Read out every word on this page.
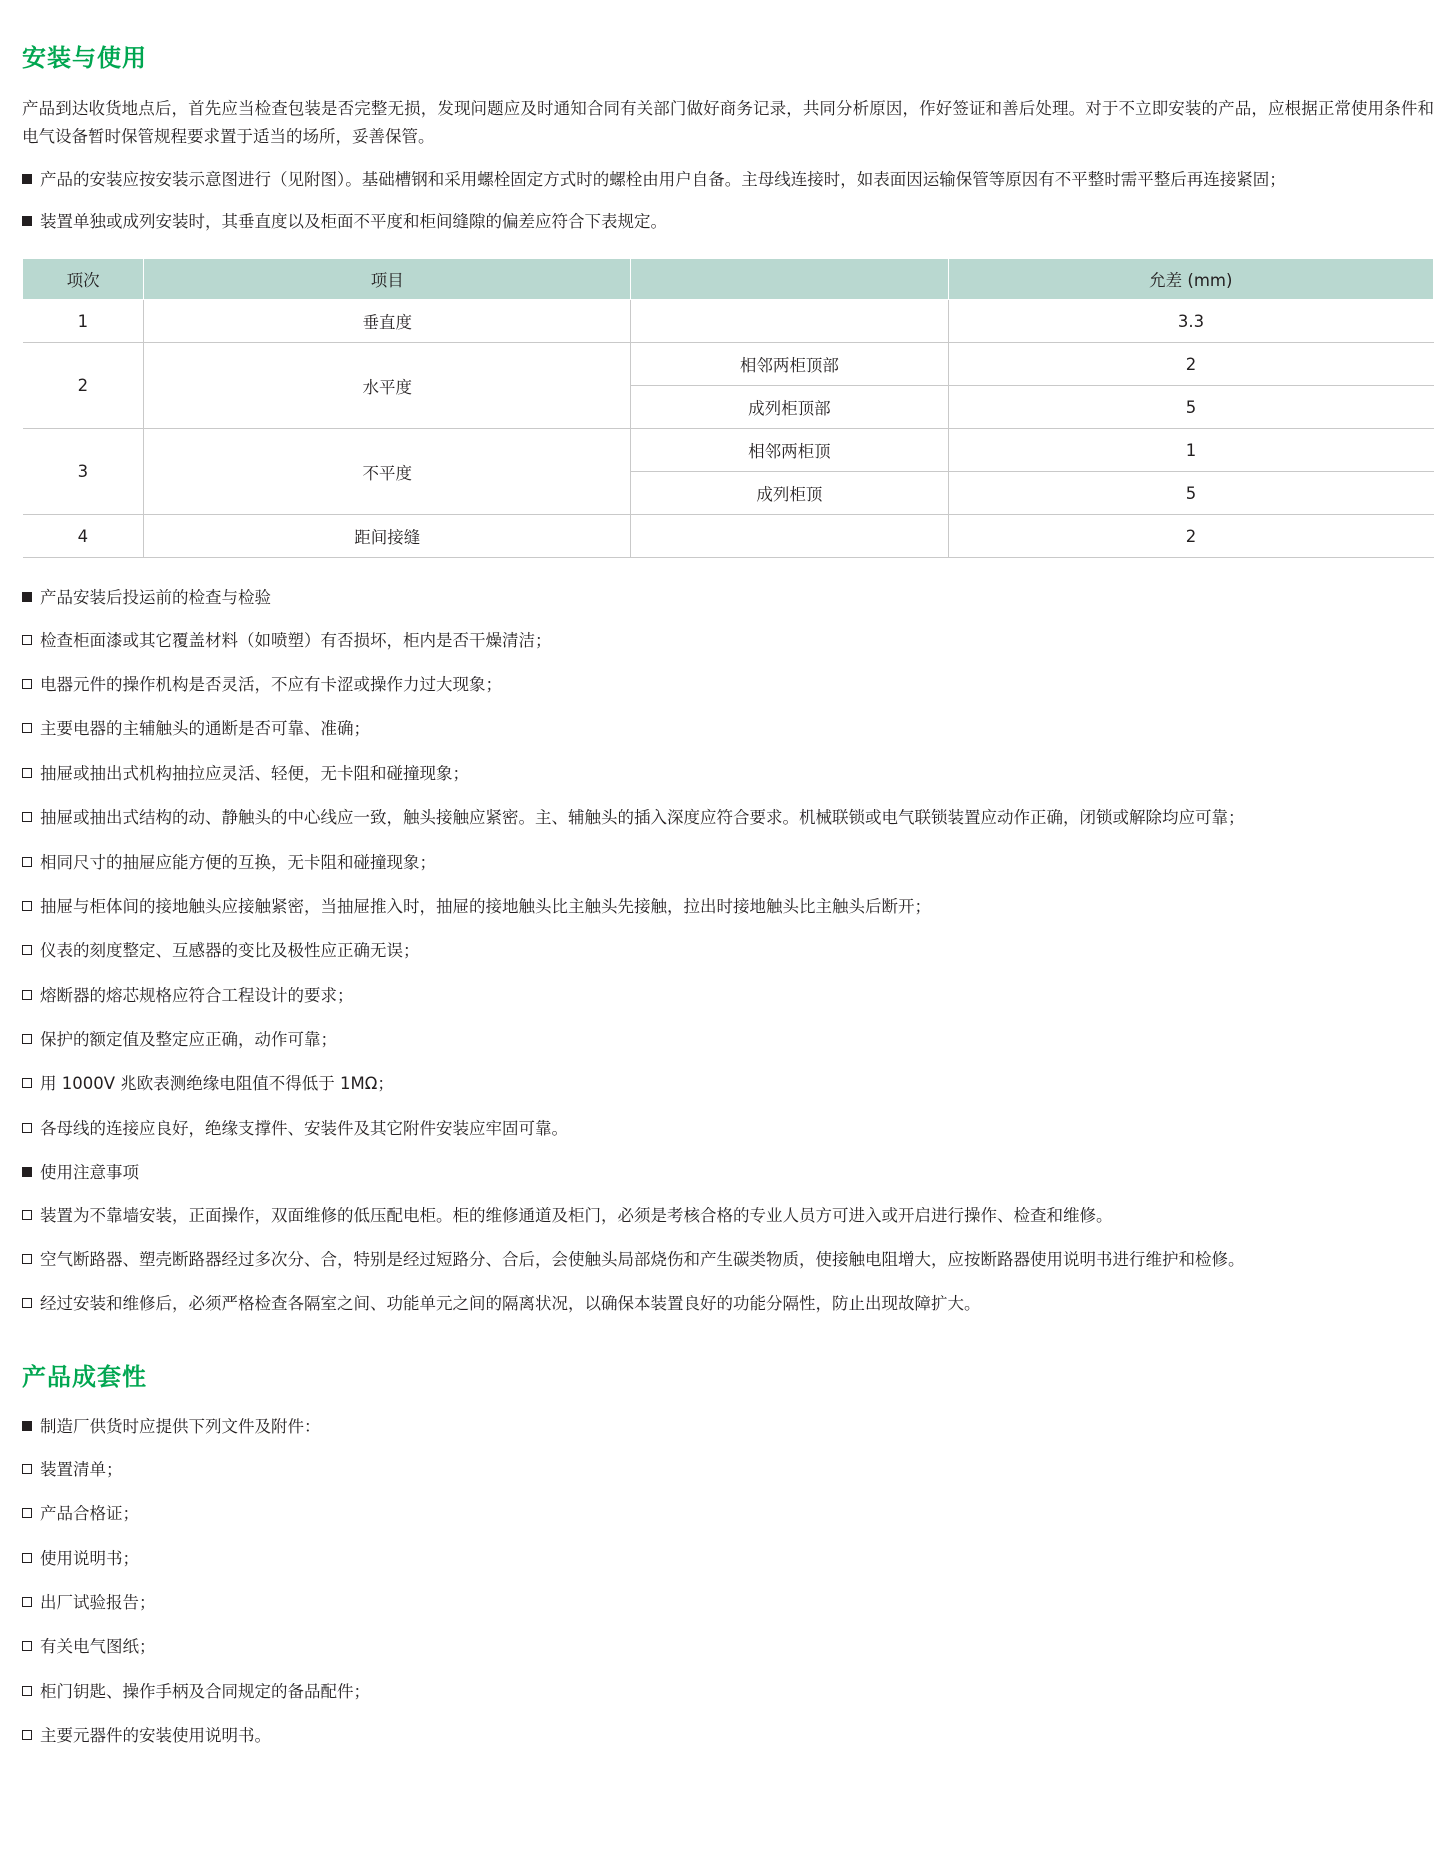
安装与使用

产品到达收货地点后，首先应当检查包装是否完整无损，发现问题应及时通知合同有关部门做好商务记录，共同分析原因，作好签证和善后处理。对于不立即安装的产品，应根据正常使用条件和电气设备暂时保管规程要求置于适当的场所，妥善保管。

产品的安装应按安装示意图进行（见附图）。基础槽钢和采用螺栓固定方式时的螺栓由用户自备。主母线连接时，如表面因运输保管等原因有不平整时需平整后再连接紧固；
装置单独或成列安装时，其垂直度以及柜面不平度和柜间缝隙的偏差应符合下表规定。
项次	项目		允差 (mm)
1	垂直度		3.3
2	水平度	相邻两柜顶部	2
		成列柜顶部	5
3	不平度	相邻两柜顶	1
		成列柜顶	5
4	距间接缝		2
产品安装后投运前的检查与检验
检查柜面漆或其它覆盖材料（如喷塑）有否损坏，柜内是否干燥清洁；
电器元件的操作机构是否灵活，不应有卡涩或操作力过大现象；
主要电器的主辅触头的通断是否可靠、准确；
抽屉或抽出式机构抽拉应灵活、轻便，无卡阻和碰撞现象；
抽屉或抽出式结构的动、静触头的中心线应一致，触头接触应紧密。主、辅触头的插入深度应符合要求。机械联锁或电气联锁装置应动作正确，闭锁或解除均应可靠；
相同尺寸的抽屉应能方便的互换，无卡阻和碰撞现象；
抽屉与柜体间的接地触头应接触紧密，当抽屉推入时，抽屉的接地触头比主触头先接触，拉出时接地触头比主触头后断开；
仪表的刻度整定、互感器的变比及极性应正确无误；
熔断器的熔芯规格应符合工程设计的要求；
保护的额定值及整定应正确，动作可靠；
用 1000V 兆欧表测绝缘电阻值不得低于 1MΩ；
各母线的连接应良好，绝缘支撑件、安装件及其它附件安装应牢固可靠。
使用注意事项
装置为不靠墙安装，正面操作，双面维修的低压配电柜。柜的维修通道及柜门，必须是考核合格的专业人员方可进入或开启进行操作、检查和维修。
空气断路器、塑壳断路器经过多次分、合，特别是经过短路分、合后，会使触头局部烧伤和产生碳类物质，使接触电阻增大，应按断路器使用说明书进行维护和检修。
经过安装和维修后，必须严格检查各隔室之间、功能单元之间的隔离状况，以确保本装置良好的功能分隔性，防止出现故障扩大。
产品成套性
制造厂供货时应提供下列文件及附件：
装置清单；
产品合格证；
使用说明书；
出厂试验报告；
有关电气图纸；
柜门钥匙、操作手柄及合同规定的备品配件；
主要元器件的安装使用说明书。
